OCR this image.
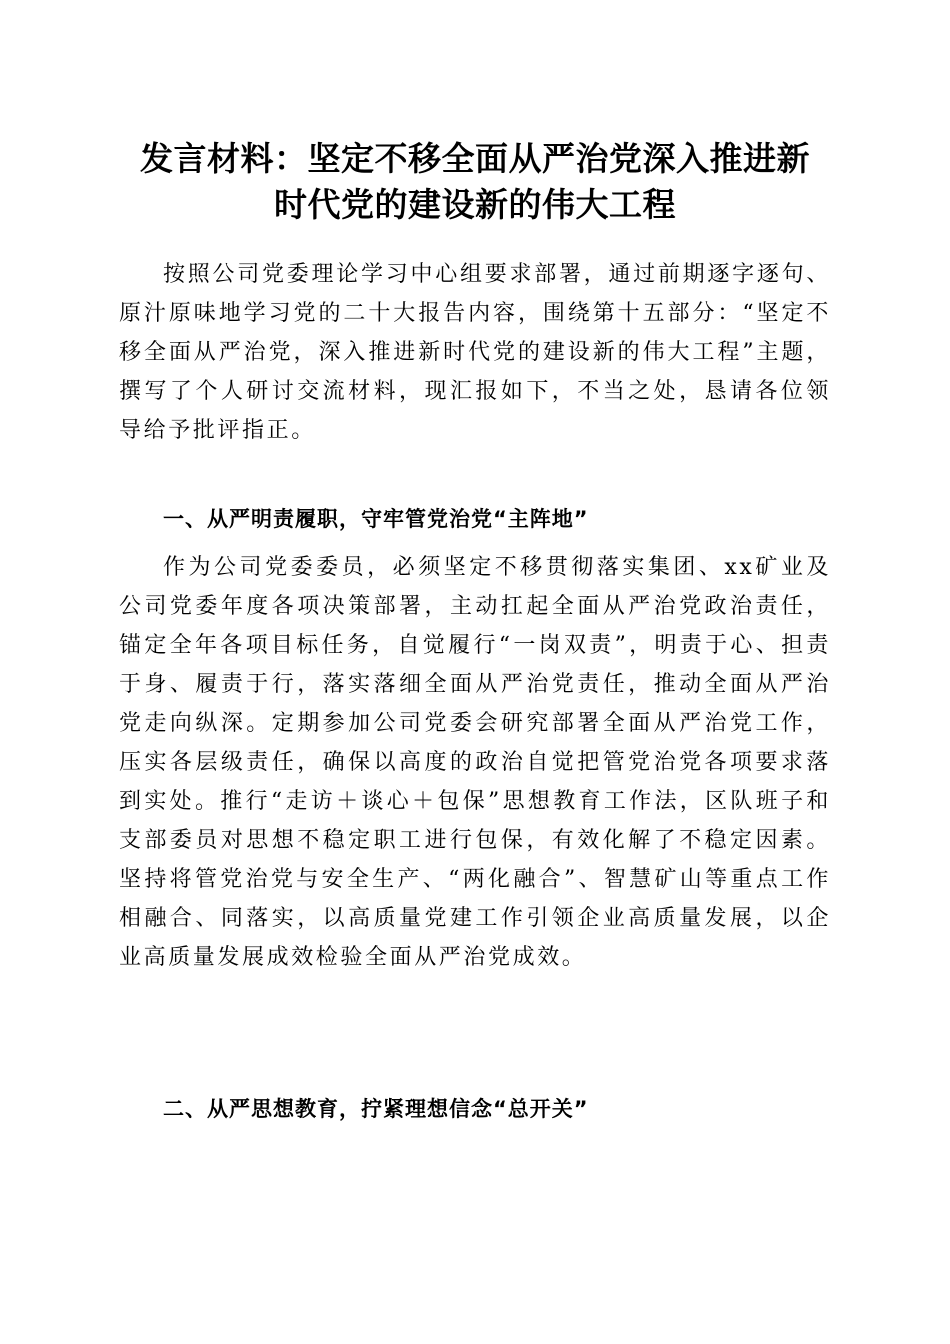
发言材料：坚定不移全面从严治党深入推进新
时代党的建设新的伟大工程

按照公司党委理论学习中心组要求部署，通过前期逐字逐句、原汁原味地学习党的二十大报告内容，围绕第十五部分：“坚定不移全面从严治党，深入推进新时代党的建设新的伟大工程”主题，撰写了个人研讨交流材料，现汇报如下，不当之处，恳请各位领导给予批评指正。

一、从严明责履职，守牢管党治党“主阵地”

作为公司党委委员，必须坚定不移贯彻落实集团、xx矿业及公司党委年度各项决策部署，主动扛起全面从严治党政治责任，锚定全年各项目标任务，自觉履行“一岗双责”，明责于心、担责于身、履责于行，落实落细全面从严治党责任，推动全面从严治党走向纵深。定期参加公司党委会研究部署全面从严治党工作，压实各层级责任，确保以高度的政治自觉把管党治党各项要求落到实处。推行“走访＋谈心＋包保”思想教育工作法，区队班子和支部委员对思想不稳定职工进行包保，有效化解了不稳定因素。坚持将管党治党与安全生产、“两化融合”、智慧矿山等重点工作相融合、同落实，以高质量党建工作引领企业高质量发展，以企业高质量发展成效检验全面从严治党成效。

二、从严思想教育，拧紧理想信念“总开关”
